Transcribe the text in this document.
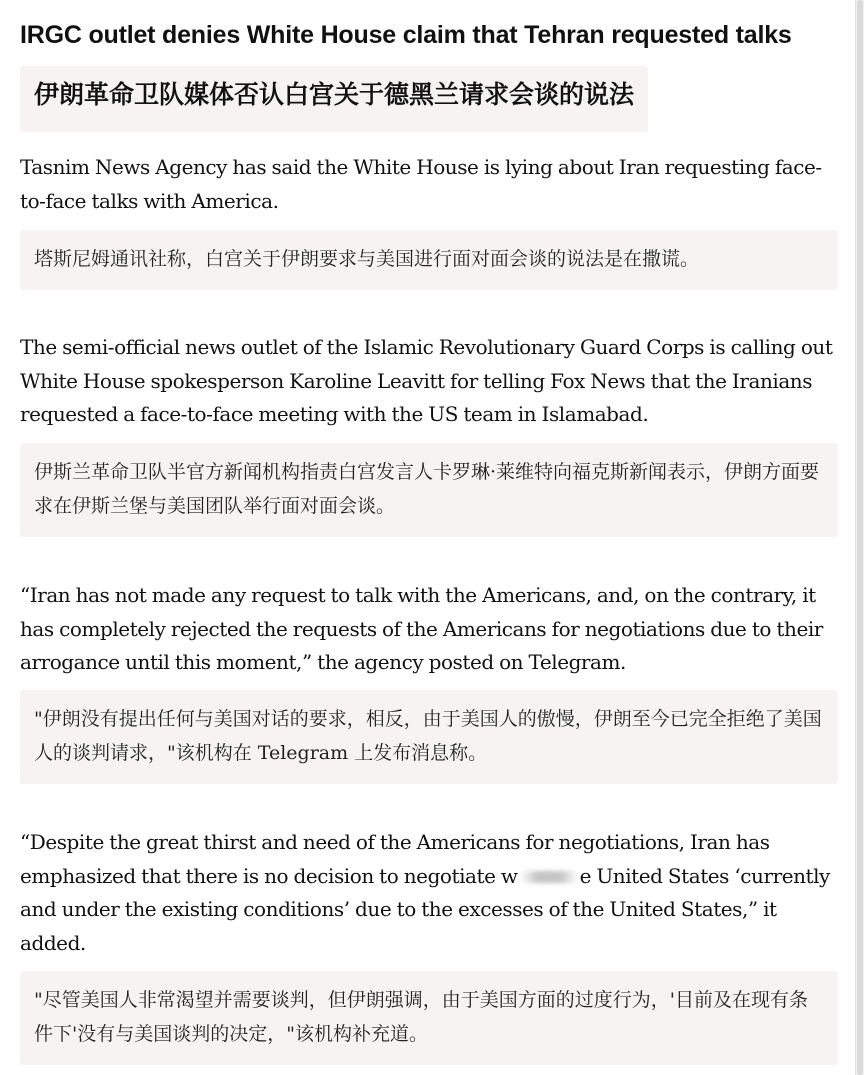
IRGC outlet denies White House claim that Tehran requested talks
伊朗革命卫队媒体否认白宫关于德黑兰请求会谈的说法

Tasnim News Agency has said the White House is lying about Iran requesting face-to-face talks with America.

塔斯尼姆通讯社称，白宫关于伊朗要求与美国进行面对面会谈的说法是在撒谎。

The semi-official news outlet of the Islamic Revolutionary Guard Corps is calling out White House spokesperson Karoline Leavitt for telling Fox News that the Iranians requested a face-to-face meeting with the US team in Islamabad.

伊斯兰革命卫队半官方新闻机构指责白宫发言人卡罗琳·莱维特向福克斯新闻表示，伊朗方面要求在伊斯兰堡与美国团队举行面对面会谈。

“Iran has not made any request to talk with the Americans, and, on the contrary, it has completely rejected the requests of the Americans for negotiations due to their arrogance until this moment,” the agency posted on Telegram.

"伊朗没有提出任何与美国对话的要求，相反，由于美国人的傲慢，伊朗至今已完全拒绝了美国人的谈判请求，"该机构在 Telegram 上发布消息称。

“Despite the great thirst and need of the Americans for negotiations, Iran has emphasized that there is no decision to negotiate w	e United States ‘currently and under the existing conditions’ due to the excesses of the United States,” it added.

"尽管美国人非常渴望并需要谈判，但伊朗强调，由于美国方面的过度行为，'目前及在现有条件下'没有与美国谈判的决定，"该机构补充道。
